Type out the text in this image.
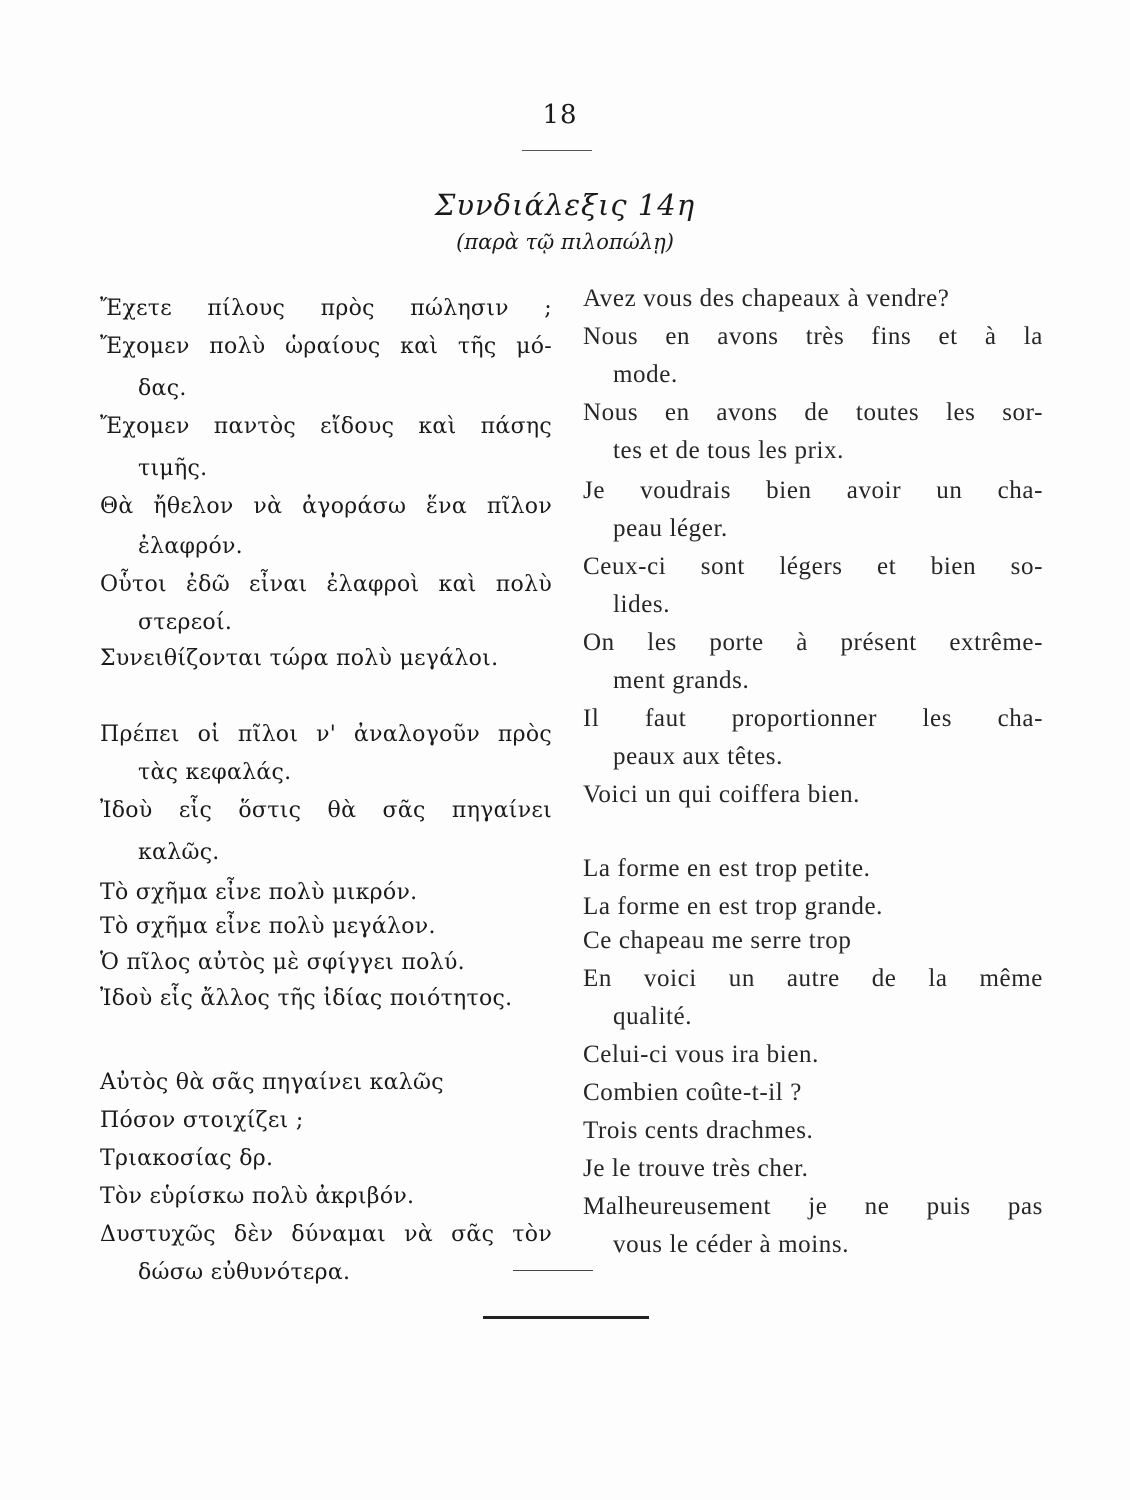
18
Συνδιάλεξις 14η
(παρὰ τῷ πιλοπώλῃ)
Ἔχετε πίλους πρὸς πώλησιν ;
Ἔχομεν πολὺ ὡραίους καὶ τῆς μό-
δας.
Ἔχομεν παντὸς εἴδους καὶ πάσης
τιμῆς.
Θὰ ἤθελον νὰ ἀγοράσω ἕνα πῖλον
ἐλαφρόν.
Οὗτοι ἐδῶ εἶναι ἐλαφροὶ καὶ πολὺ
στερεοί.
Συνειθίζονται τώρα πολὺ μεγάλοι.
Πρέπει οἱ πῖλοι ν' ἀναλογοῦν πρὸς
τὰς κεφαλάς.
Ἰδοὺ εἷς ὅστις θὰ σᾶς πηγαίνει
καλῶς.
Τὸ σχῆμα εἶνε πολὺ μικρόν.
Τὸ σχῆμα εἶνε πολὺ μεγάλον.
Ὁ πῖλος αὐτὸς μὲ σφίγγει πολύ.
Ἰδοὺ εἷς ἄλλος τῆς ἰδίας ποιότητος.
Αὐτὸς θὰ σᾶς πηγαίνει καλῶς
Πόσον στοιχίζει ;
Τριακοσίας δρ.
Τὸν εὑρίσκω πολὺ ἀκριβόν.
Δυστυχῶς δὲν δύναμαι νὰ σᾶς τὸν
δώσω εὐθυνότερα.
Avez vous des chapeaux à vendre?
Nous en avons très fins et à la
mode.
Nous en avons de toutes les sor-
tes et de tous les prix.
Je voudrais bien avoir un cha-
peau léger.
Ceux-ci sont légers et bien so-
lides.
On les porte à présent extrême-
ment grands.
Il faut proportionner les cha-
peaux aux têtes.
Voici un qui coiffera bien.
La forme en est trop petite.
La forme en est trop grande.
Ce chapeau me serre trop
En voici un autre de la même
qualité.
Celui-ci vous ira bien.
Combien coûte-t-il ?
Trois cents drachmes.
Je le trouve très cher.
Malheureusement je ne puis pas
vous le céder à moins.
